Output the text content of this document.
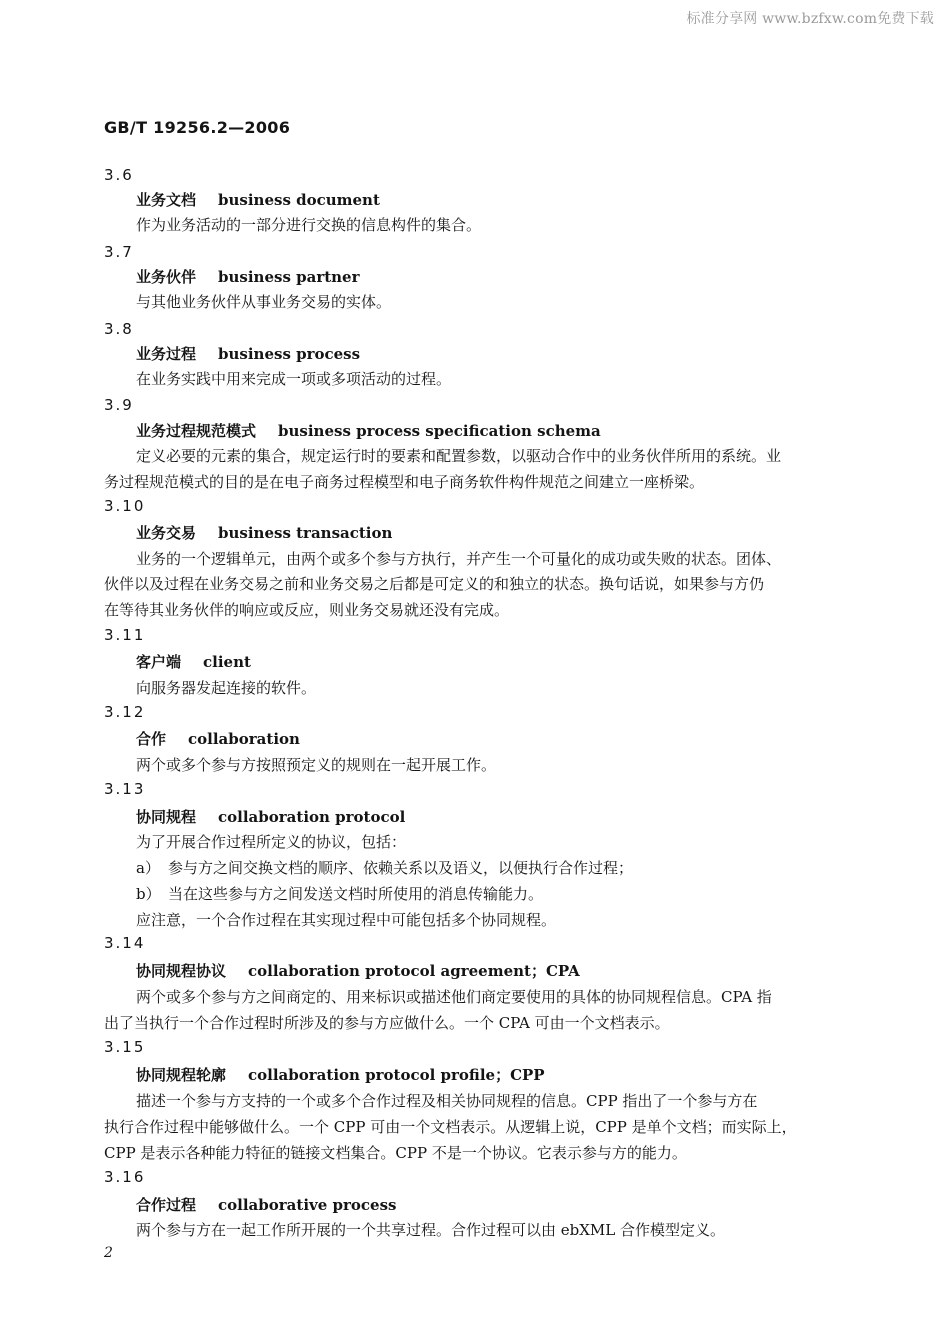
标准分享网 www.bzfxw.com免费下载
GB/T 19256.2—2006
3.6
业务文档 business document
作为业务活动的一部分进行交换的信息构件的集合。
3.7
业务伙伴 business partner
与其他业务伙伴从事业务交易的实体。
3.8
业务过程 business process
在业务实践中用来完成一项或多项活动的过程。
3.9
业务过程规范模式 business process specification schema
定义必要的元素的集合，规定运行时的要素和配置参数，以驱动合作中的业务伙伴所用的系统。业
务过程规范模式的目的是在电子商务过程模型和电子商务软件构件规范之间建立一座桥梁。
3.10
业务交易 business transaction
业务的一个逻辑单元，由两个或多个参与方执行，并产生一个可量化的成功或失败的状态。团体、
伙伴以及过程在业务交易之前和业务交易之后都是可定义的和独立的状态。换句话说，如果参与方仍
在等待其业务伙伴的响应或反应，则业务交易就还没有完成。
3.11
客户端 client
向服务器发起连接的软件。
3.12
合作 collaboration
两个或多个参与方按照预定义的规则在一起开展工作。
3.13
协同规程 collaboration protocol
为了开展合作过程所定义的协议，包括：
a） 参与方之间交换文档的顺序、依赖关系以及语义，以便执行合作过程；
b） 当在这些参与方之间发送文档时所使用的消息传输能力。
应注意，一个合作过程在其实现过程中可能包括多个协同规程。
3.14
协同规程协议 collaboration protocol agreement；CPA
两个或多个参与方之间商定的、用来标识或描述他们商定要使用的具体的协同规程信息。CPA 指
出了当执行一个合作过程时所涉及的参与方应做什么。一个 CPA 可由一个文档表示。
3.15
协同规程轮廓 collaboration protocol profile；CPP
描述一个参与方支持的一个或多个合作过程及相关协同规程的信息。CPP 指出了一个参与方在
执行合作过程中能够做什么。一个 CPP 可由一个文档表示。从逻辑上说，CPP 是单个文档；而实际上，
CPP 是表示各种能力特征的链接文档集合。CPP 不是一个协议。它表示参与方的能力。
3.16
合作过程 collaborative process
两个参与方在一起工作所开展的一个共享过程。合作过程可以由 ebXML 合作模型定义。
2
